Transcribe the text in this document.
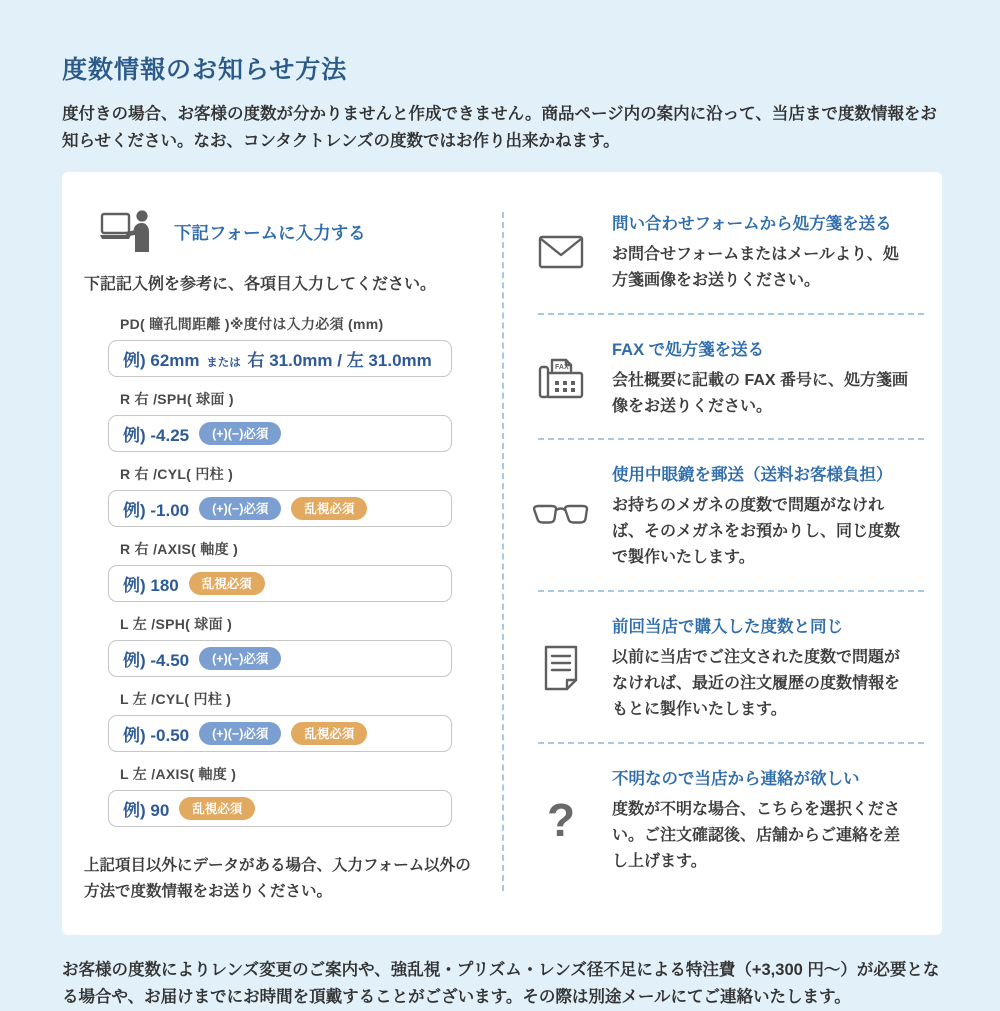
度数情報のお知らせ方法

度付きの場合、お客様の度数が分かりませんと作成できません。商品ページ内の案内に沿って、当店まで度数情報をお知らせください。なお、コンタクトレンズの度数ではお作り出来かねます。

下記フォームに入力する

下記記入例を参考に、各項目入力してください。

PD( 瞳孔間距離 )※度付は入力必須 (mm)
例) 62mm または 右 31.0mm / 左 31.0mm
R 右 /SPH( 球面 )
例) -4.25	(+)(−)必須
R 右 /CYL( 円柱 )
例) -1.00	(+)(−)必須	乱視必須
R 右 /AXIS( 軸度 )
例) 180	乱視必須
L 左 /SPH( 球面 )
例) -4.50	(+)(−)必須
L 左 /CYL( 円柱 )
例) -0.50	(+)(−)必須	乱視必須
L 左 /AXIS( 軸度 )
例) 90	乱視必須

上記項目以外にデータがある場合、入力フォーム以外の方法で度数情報をお送りください。

問い合わせフォームから処方箋を送る
お問合せフォームまたはメールより、処方箋画像をお送りください。
FAX
FAX で処方箋を送る
会社概要に記載の FAX 番号に、処方箋画像をお送りください。
使用中眼鏡を郵送（送料お客様負担）
お持ちのメガネの度数で問題がなければ、そのメガネをお預かりし、同じ度数で製作いたします。
前回当店で購入した度数と同じ
以前に当店でご注文された度数で問題がなければ、最近の注文履歴の度数情報をもとに製作いたします。
?
不明なので当店から連絡が欲しい
度数が不明な場合、こちらを選択ください。ご注文確認後、店舗からご連絡を差し上げます。

お客様の度数によりレンズ変更のご案内や、強乱視・プリズム・レンズ径不足による特注費（+3,300 円〜）が必要となる場合や、お届けまでにお時間を頂戴することがございます。その際は別途メールにてご連絡いたします。
